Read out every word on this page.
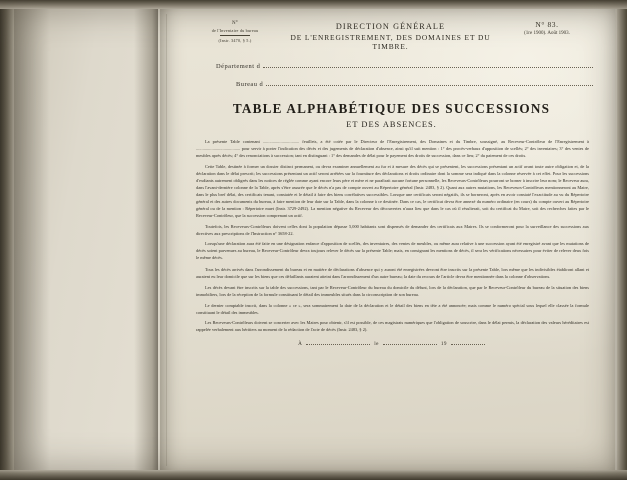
N°
de l'Inventaire du bureau
(Instr. 3470, § 5.)
DIRECTION GÉNÉRALE
DE L'ENREGISTREMENT, DES DOMAINES ET DU TIMBRE.
N° 83.
(1re 1900). Août 1903.
Département d
Bureau d
TABLE ALPHABÉTIQUE DES SUCCESSIONS
ET DES ABSENCES.

La présente Table contenant ................................. feuillets, a été cotée par le Directeur de l'Enregistrement, des Domaines et du Timbre, soussigné, au Receveur-Contrôleur de l'Enregistrement à ........................................ pour servir à porter l'indication des décès et des jugements de déclaration d'absence, ainsi qu'il suit mention : 1° des procès-verbaux d'apposition de scellés; 2° des inventaires; 3° des ventes de meubles après décès; 4° des renonciations à succession; tant en distinguant : 1° des demandes de délai pour le payement des droits de succession, dans ce lieu; 2° du paiement de ces droits.

Cette Table, destinée à former un dossier distinct permanent, ou devra examiner annuellement au fur et à mesure des décès qui se présentent, les successions présentant un actif avant toute autre obligation et, de la déclaration dans le délai prescrit; les successions présentant un actif seront arrêtées sur la fourniture des déclarations et droits ordinaire dont la somme sera indiqué dans la colonne réservée à cet effet. Pour les successions d'exdiants autrement obligeés dans les notices de réglée comme ayant encore leurs père et mère et ne paraîtrait aucune fortune personnelle, les Receveurs-Contrôleurs pourront se borner à inscrire leur nom; le Receveur aura, dans l'avant-dernière colonne de la Table, après s'être assurée que le décès n'a pas de compte ouvert au Répertoire général (Instr. 2483, § 2). Quant aux autres mutations, les Receveurs-Contrôleurs mentionneront au Maire, dans le plus bref délai, des certificats tenant, constatée et le détail à faire des biens corrélatives successibles. Lorsque une certificats seront négatifs, ils se borneront, après en avoir constaté l'exactitude au vu du Répertoire général et des autres documents du bureau, à faire mention de leur date sur la Table, dans la colonne à ce destinée. Dans ce cas, le certificat devra être annexé du numéro ordinaire (en cours) du compte ouvert au Répertoire général ou de la mention : Répertoire muet (Instr. 3729-2492). La mention négative du Receveur des découvertes n'aura lieu que dans le cas où il résulterait, soit du certificat du Maire, soit des recherches faites par le Receveur-Contrôleur, que la succession comprenant un actif.

Toutefois, les Receveurs-Contrôleurs doivent celles dont la population dépasse 5,000 habitants sont dispensés de demander des certificats aux Maires. Ils se conformeront pour la surveillance des successions aux directives aux prescriptions de l'Instruction n° 3658-22.

Lorsqu'une déclaration aura été faite en une désignation enfance d'apposition de scellés, des inventaires, des ventes de meubles, ou même aura relative à une succession ayant été enregistré avant que les mutations de décès soient parvenues au bureau, le Receveur-Contrôleur devra toujours relever le décès sur la présente Table; mais, en consignant les mentions de décès, il sera les vérifications nécessaires pour éviter de relever deux fois le même décès.

Tous les décès arrivés dans l'arrondissement du bureau et en matière de déclarations d'absence qui y auront été enregistrées devront être inscrits sur la présente Table, lors même que les indivisibles établiront allant et auraient eu leur domicile que sur les biens que ces défaillants auraient atteint dans l'arrondissement d'un autre bureau; la date du recours de l'article devra être mentionnée dans la colonne d'observations.

Les décès devant être inscrits sur la table des successions, tant par le Receveur-Contrôleur du bureau du domicile du défunt, lors de la déclaration, que par le Receveur-Contrôleur du bureau de la situation des biens immobiliers, lors de la réception de la formule constituant le détail des immeubles situés dans la circonscription de son bureau.

Le dernier comptable inscrit, dans la colonne « ce », sera sommairement la date de la déclaration et le détail des biens en tête a été annoncée; mais comme le numéro spécial sous lequel elle classée la formule constituant le détail des immeubles.

Les Receveurs-Contrôleurs doivent se concerter avec les Maires pour obtenir, s'il est possible, de ces magistrats numériques que l'obligation de souscrire, dans le délai permis, la déclaration des valeurs héréditaires est rappelée verbalement aux héritiers au moment de la rédaction de l'acte de décès (Instr. 2483, § 2).

À	le	19
